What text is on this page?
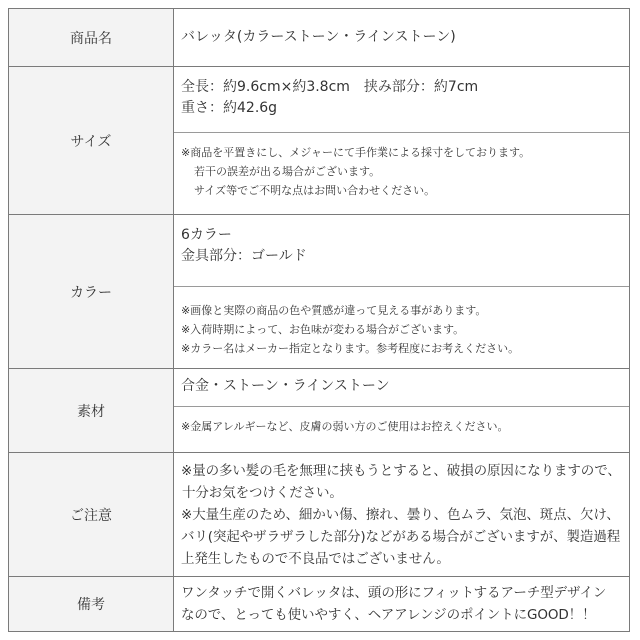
商品名	バレッタ(カラーストーン・ラインストーン)
サイズ
全長：約9.6cm×約3.8cm　挟み部分：約7cm
重さ：約42.6g
※商品を平置きにし、メジャーにて手作業による採寸をしております。
若干の誤差が出る場合がございます。
サイズ等でご不明な点はお問い合わせください。
カラー
6カラー
金具部分：ゴールド
※画像と実際の商品の色や質感が違って見える事があります。
※入荷時期によって、お色味が変わる場合がございます。
※カラー名はメーカー指定となります。参考程度にお考えください。
素材
合金・ストーン・ラインストーン
※金属アレルギーなど、皮膚の弱い方のご使用はお控えください。
ご注意
※量の多い髪の毛を無理に挟もうとすると、破損の原因になりますので、
十分お気をつけください。
※大量生産のため、細かい傷、擦れ、曇り、色ムラ、気泡、斑点、欠け、
バリ(突起やザラザラした部分)などがある場合がございますが、製造過程
上発生したもので不良品ではございません。
備考
ワンタッチで開くバレッタは、頭の形にフィットするアーチ型デザイン
なので、とっても使いやすく、ヘアアレンジのポイントにGOOD！！
